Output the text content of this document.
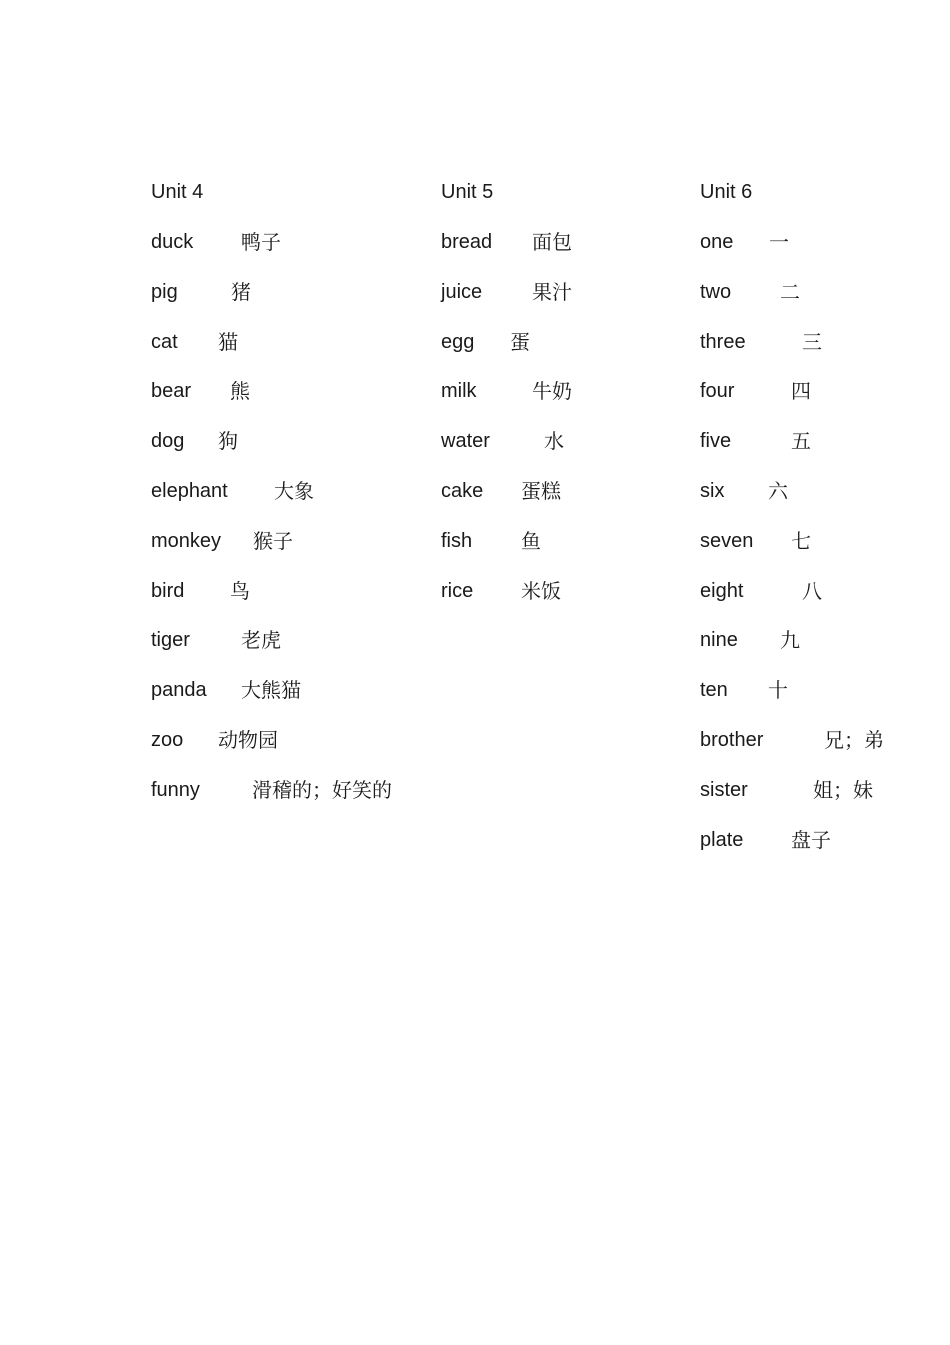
Unit 4
duck 鸭子
pig	猪
cat 猫
bear 熊
dog 狗
elephant 大象
monkey 猴子
bird 鸟
tiger	老虎
panda 大熊猫
zoo 动物园
funny	滑稽的；好笑的
Unit 5
bread 面包
juice 果汁
egg 蛋
milk	牛奶
water	水
cake 蛋糕
fish 鱼
rice 米饭
Unit 6
one 一
two 二
three	三
four	四
five	五
six 六
seven 七
eight	八
nine 九
ten 十
brother	兄；弟
sister	姐；妹
plate 盘子
